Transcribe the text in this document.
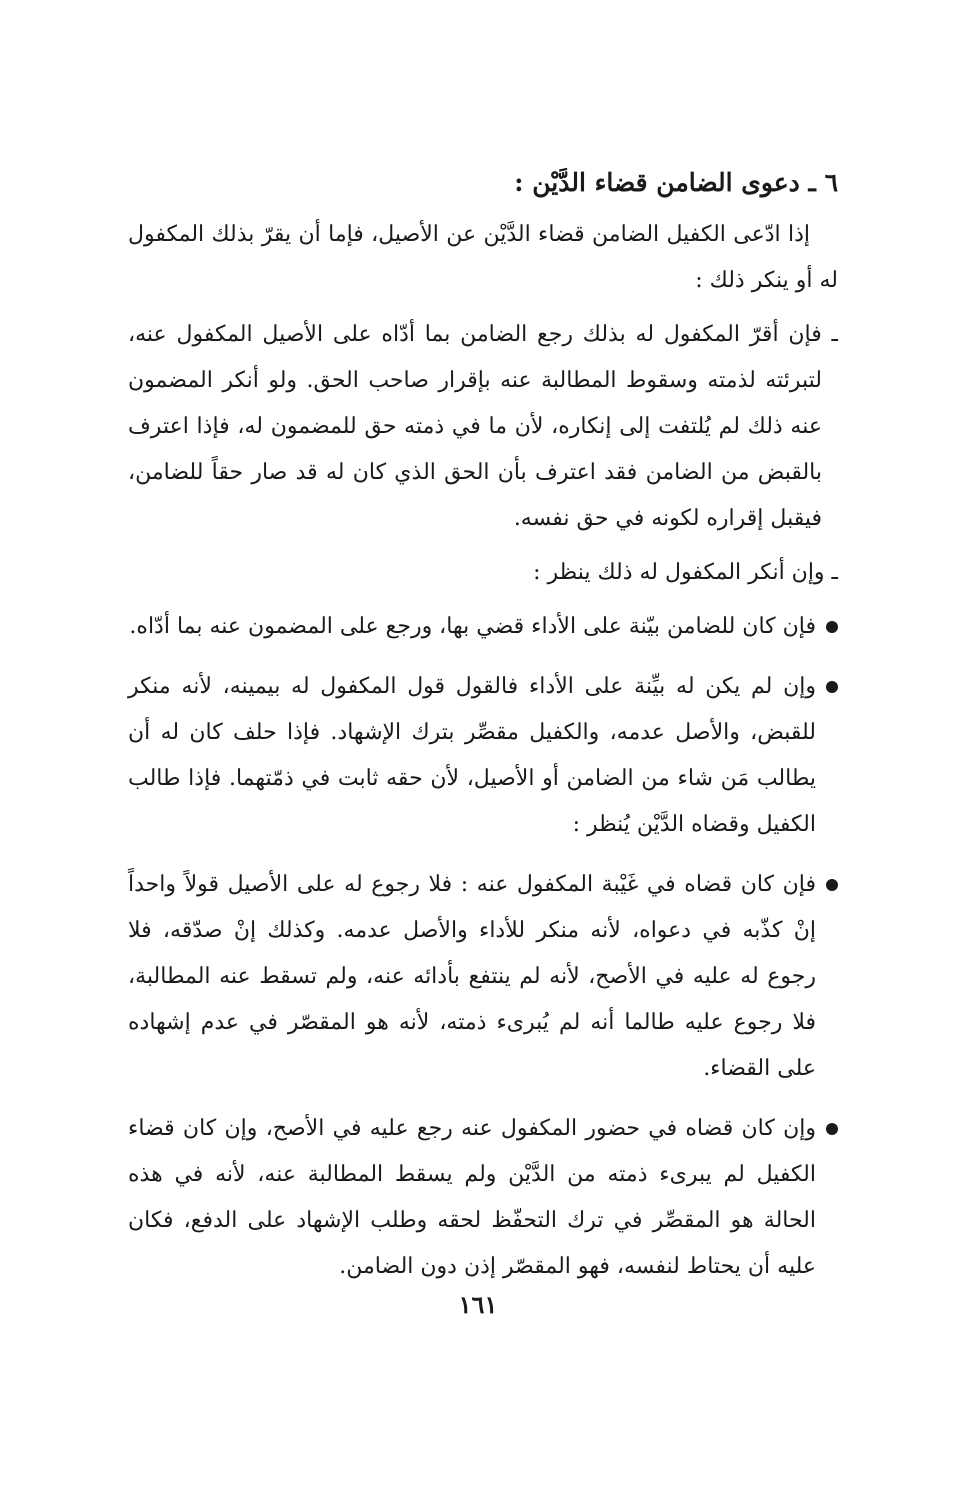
٦ ـ دعوى الضامن قضاء الدَّيْن :

إذا ادّعى الكفيل الضامن قضاء الدَّيْن عن الأصيل، فإما أن يقرّ بذلك المكفول له أو ينكر ذلك :

ـ فإن أقرّ المكفول له بذلك رجع الضامن بما أدّاه على الأصيل المكفول عنه، لتبرئته لذمته وسقوط المطالبة عنه بإقرار صاحب الحق. ولو أنكر المضمون عنه ذلك لم يُلتفت إلى إنكاره، لأن ما في ذمته حق للمضمون له، فإذا اعترف بالقبض من الضامن فقد اعترف بأن الحق الذي كان له قد صار حقاً للضامن، فيقبل إقراره لكونه في حق نفسه.

ـ وإن أنكر المكفول له ذلك ينظر :

فإن كان للضامن بيّنة على الأداء قضي بها، ورجع على المضمون عنه بما أدّاه.
وإن لم يكن له بيِّنة على الأداء فالقول قول المكفول له بيمينه، لأنه منكر للقبض، والأصل عدمه، والكفيل مقصِّر بترك الإشهاد. فإذا حلف كان له أن يطالب مَن شاء من الضامن أو الأصيل، لأن حقه ثابت في ذمّتهما. فإذا طالب الكفيل وقضاه الدَّيْن يُنظر :
فإن كان قضاه في غَيْبة المكفول عنه : فلا رجوع له على الأصيل قولاً واحداً إنْ كذّبه في دعواه، لأنه منكر للأداء والأصل عدمه. وكذلك إنْ صدّقه، فلا رجوع له عليه في الأصح، لأنه لم ينتفع بأدائه عنه، ولم تسقط عنه المطالبة، فلا رجوع عليه طالما أنه لم يُبرىء ذمته، لأنه هو المقصّر في عدم إشهاده على القضاء.
وإن كان قضاه في حضور المكفول عنه رجع عليه في الأصح، وإن كان قضاء الكفيل لم يبرىء ذمته من الدَّيْن ولم يسقط المطالبة عنه، لأنه في هذه الحالة هو المقصِّر في ترك التحفّظ لحقه وطلب الإشهاد على الدفع، فكان عليه أن يحتاط لنفسه، فهو المقصّر إذن دون الضامن.
١٦١
